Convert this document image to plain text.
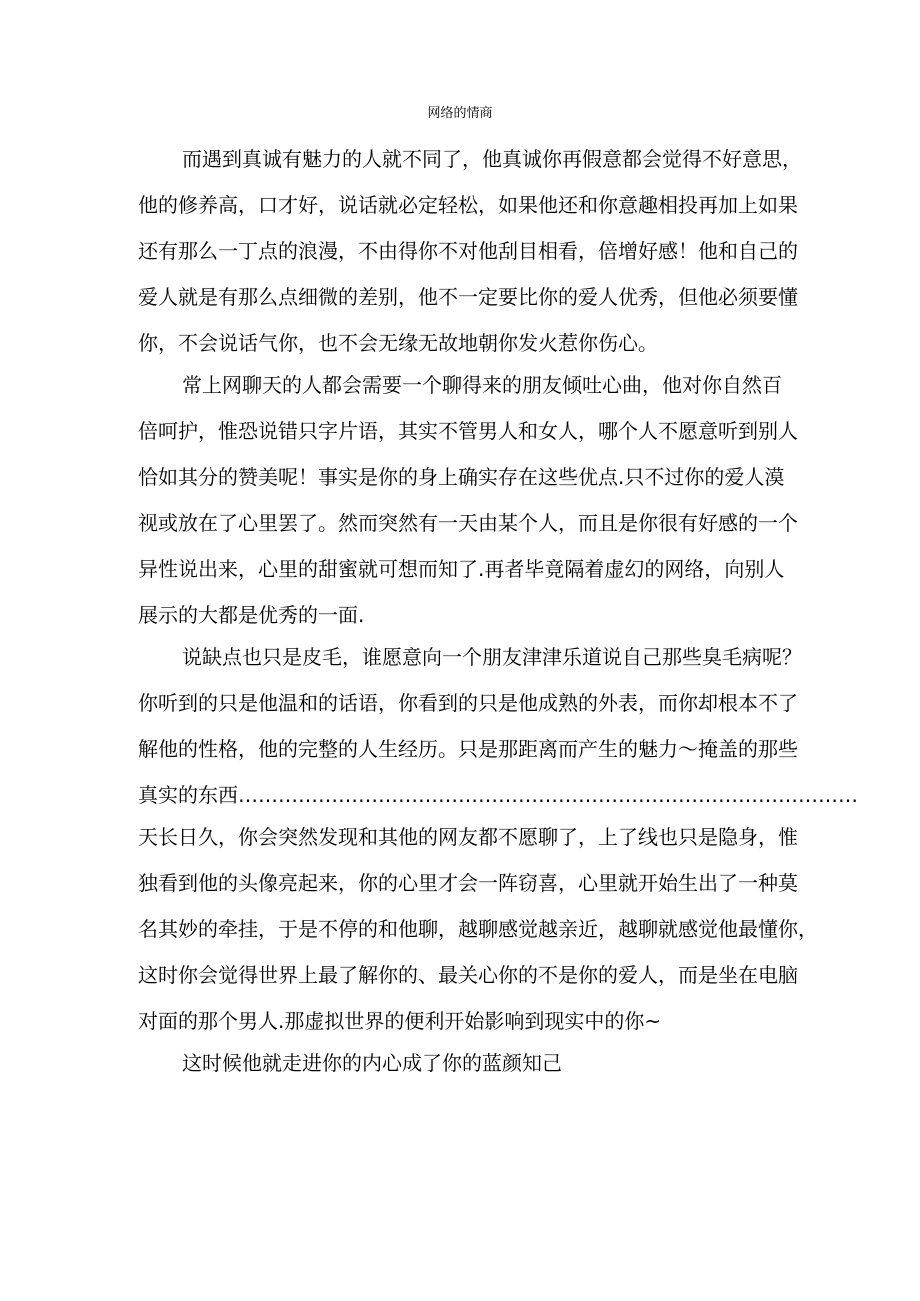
网络的情商
而遇到真诚有魅力的人就不同了，他真诚你再假意都会觉得不好意思，
他的修养高，口才好，说话就必定轻松，如果他还和你意趣相投再加上如果
还有那么一丁点的浪漫，不由得你不对他刮目相看，倍增好感！他和自己的
爱人就是有那么点细微的差别，他不一定要比你的爱人优秀，但他必须要懂
你，不会说话气你，也不会无缘无故地朝你发火惹你伤心。
常上网聊天的人都会需要一个聊得来的朋友倾吐心曲，他对你自然百
倍呵护，惟恐说错只字片语，其实不管男人和女人，哪个人不愿意听到别人
恰如其分的赞美呢！事实是你的身上确实存在这些优点.只不过你的爱人漠
视或放在了心里罢了。然而突然有一天由某个人，而且是你很有好感的一个
异性说出来，心里的甜蜜就可想而知了.再者毕竟隔着虚幻的网络，向别人
展示的大都是优秀的一面.
说缺点也只是皮毛，谁愿意向一个朋友津津乐道说自己那些臭毛病呢？
你听到的只是他温和的话语，你看到的只是他成熟的外表，而你却根本不了
解他的性格，他的完整的人生经历。只是那距离而产生的魅力～掩盖的那些
真实的东西…………………………………………………………………………………
天长日久，你会突然发现和其他的网友都不愿聊了，上了线也只是隐身，惟
独看到他的头像亮起来，你的心里才会一阵窃喜，心里就开始生出了一种莫
名其妙的牵挂，于是不停的和他聊，越聊感觉越亲近，越聊就感觉他最懂你，
这时你会觉得世界上最了解你的、最关心你的不是你的爱人，而是坐在电脑
对面的那个男人.那虚拟世界的便利开始影响到现实中的你~
这时候他就走进你的内心成了你的蓝颜知己
